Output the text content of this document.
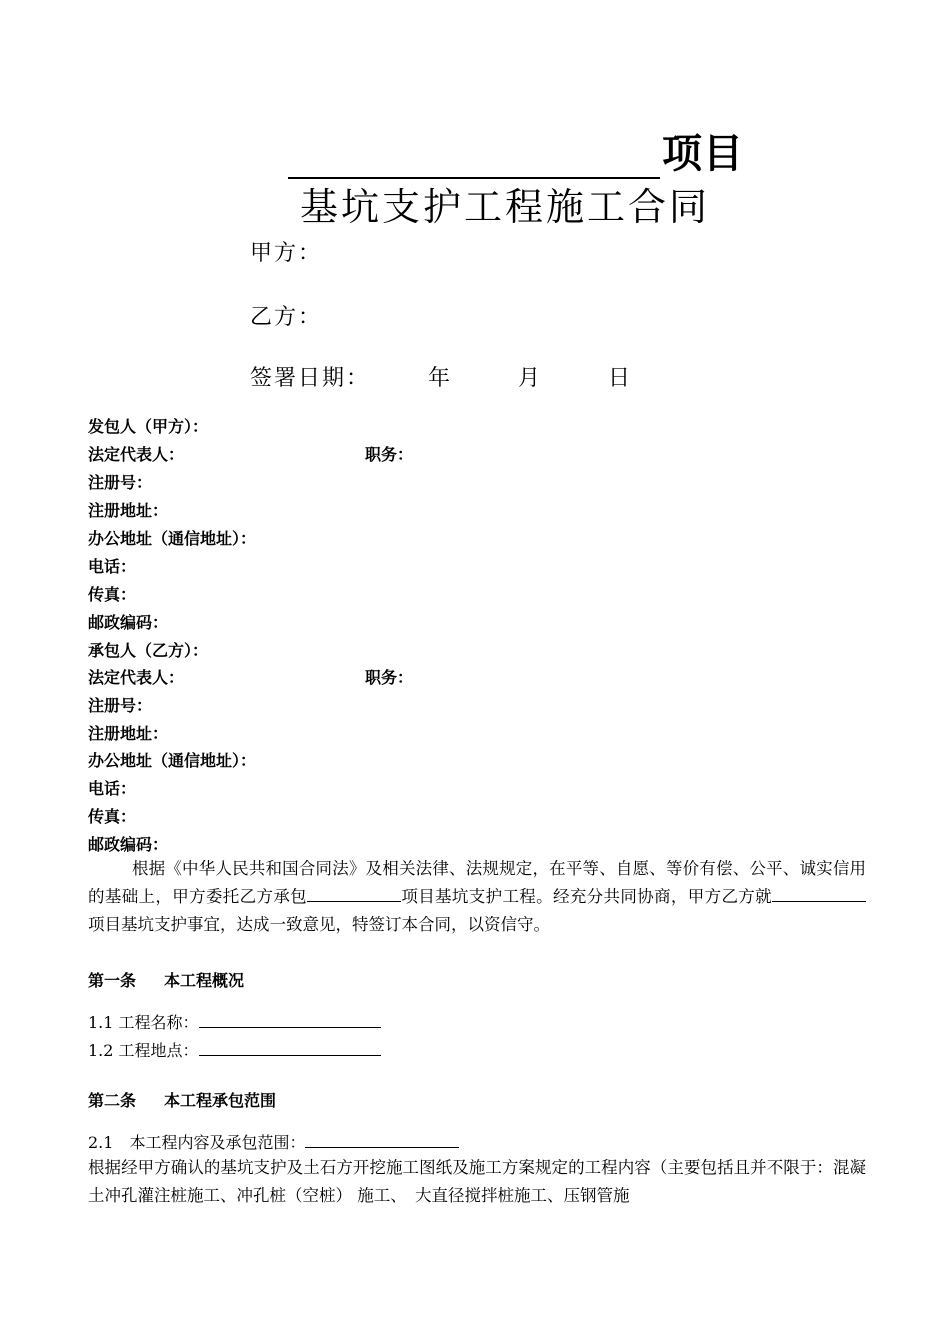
项目
基坑支护工程施工合同
甲方：
乙方：
签署日期：	年	月	日
发包人（甲方）：
法定代表人：	职务：
注册号：
注册地址：
办公地址（通信地址）：
电话：
传真：
邮政编码：
承包人（乙方）：
法定代表人：	职务：
注册号：
注册地址：
办公地址（通信地址）：
电话：
传真：
邮政编码：
根据《中华人民共和国合同法》及相关法律、法规规定，在平等、自愿、等价有偿、公平、诚实信用的基础上，甲方委托乙方承包	项目基坑支护工程。经充分共同协商，甲方乙方就项目基坑支护事宜，达成一致意见，特签订本合同，以资信守。
第一条 本工程概况
1.1 工程名称：
1.2 工程地点：
第二条 本工程承包范围
2.1　本工程内容及承包范围：
根据经甲方确认的基坑支护及土石方开挖施工图纸及施工方案规定的工程内容（主要包括且并不限于：混凝土冲孔灌注桩施工、冲孔桩（空桩） 施工、　大直径搅拌桩施工、压钢管施
